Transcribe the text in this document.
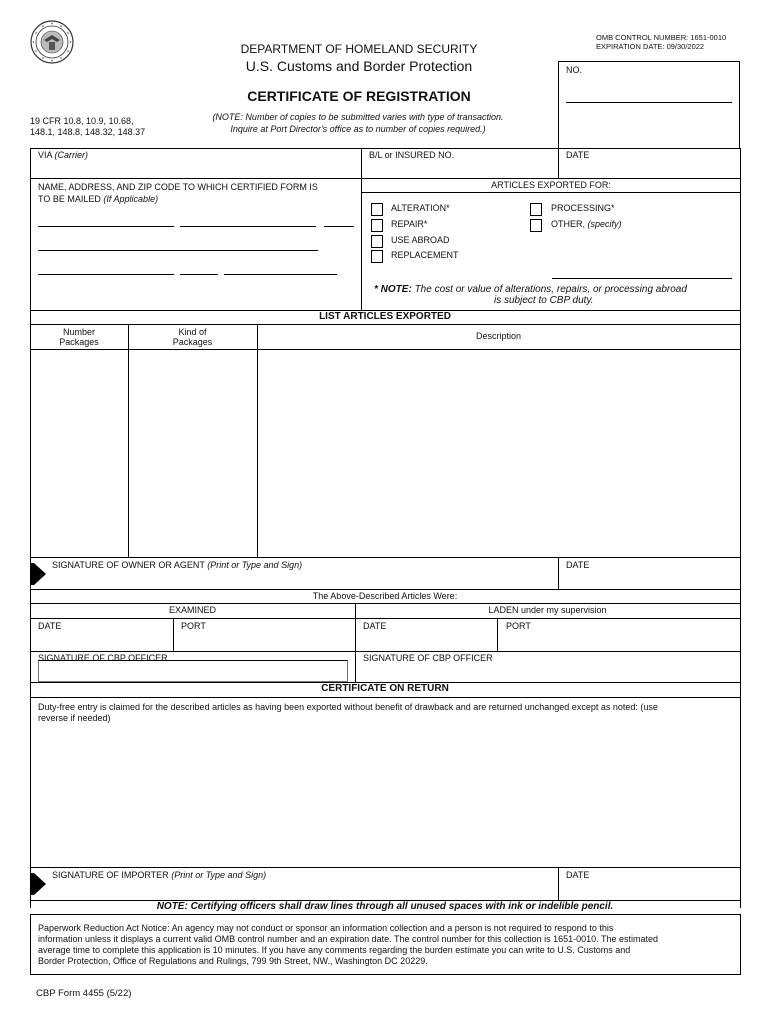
OMB CONTROL NUMBER: 1651-0010
EXPIRATION DATE: 09/30/2022
DEPARTMENT OF HOMELAND SECURITY
U.S. Customs and Border Protection
CERTIFICATE OF REGISTRATION
19 CFR 10.8, 10.9, 10.68,
148.1, 148.8, 148.32, 148.37
(NOTE: Number of copies to be submitted varies with type of transaction.
Inquire at Port Director's office as to number of copies required.)
NO.
VIA (Carrier)	B/L or INSURED NO.	DATE
NAME, ADDRESS, AND ZIP CODE TO WHICH CERTIFIED FORM IS
TO BE MAILED (If Applicable)
ARTICLES EXPORTED FOR:
ALTERATION*
REPAIR*
USE ABROAD
REPLACEMENT
PROCESSING*
OTHER, (specify)
* NOTE: The cost or value of alterations, repairs, or processing abroad
is subject to CBP duty.
LIST ARTICLES EXPORTED
Number
Packages
Kind of
Packages
Description
SIGNATURE OF OWNER OR AGENT (Print or Type and Sign)	DATE
The Above-Described Articles Were:
EXAMINED	LADEN under my supervision
DATE	PORT	DATE	PORT
SIGNATURE OF CBP OFFICER	SIGNATURE OF CBP OFFICER
CERTIFICATE ON RETURN
Duty-free entry is claimed for the described articles as having been exported without benefit of drawback and are returned unchanged except as noted: (use
reverse if needed)
SIGNATURE OF IMPORTER (Print or Type and Sign)	DATE
NOTE: Certifying officers shall draw lines through all unused spaces with ink or indelible pencil.
Paperwork Reduction Act Notice: An agency may not conduct or sponsor an information collection and a person is not required to respond to this
information unless it displays a current valid OMB control number and an expiration date. The control number for this collection is 1651-0010. The estimated
average time to complete this application is 10 minutes. If you have any comments regarding the burden estimate you can write to U.S. Customs and
Border Protection, Office of Regulations and Rulings, 799 9th Street, NW., Washington DC 20229.
CBP Form 4455 (5/22)
